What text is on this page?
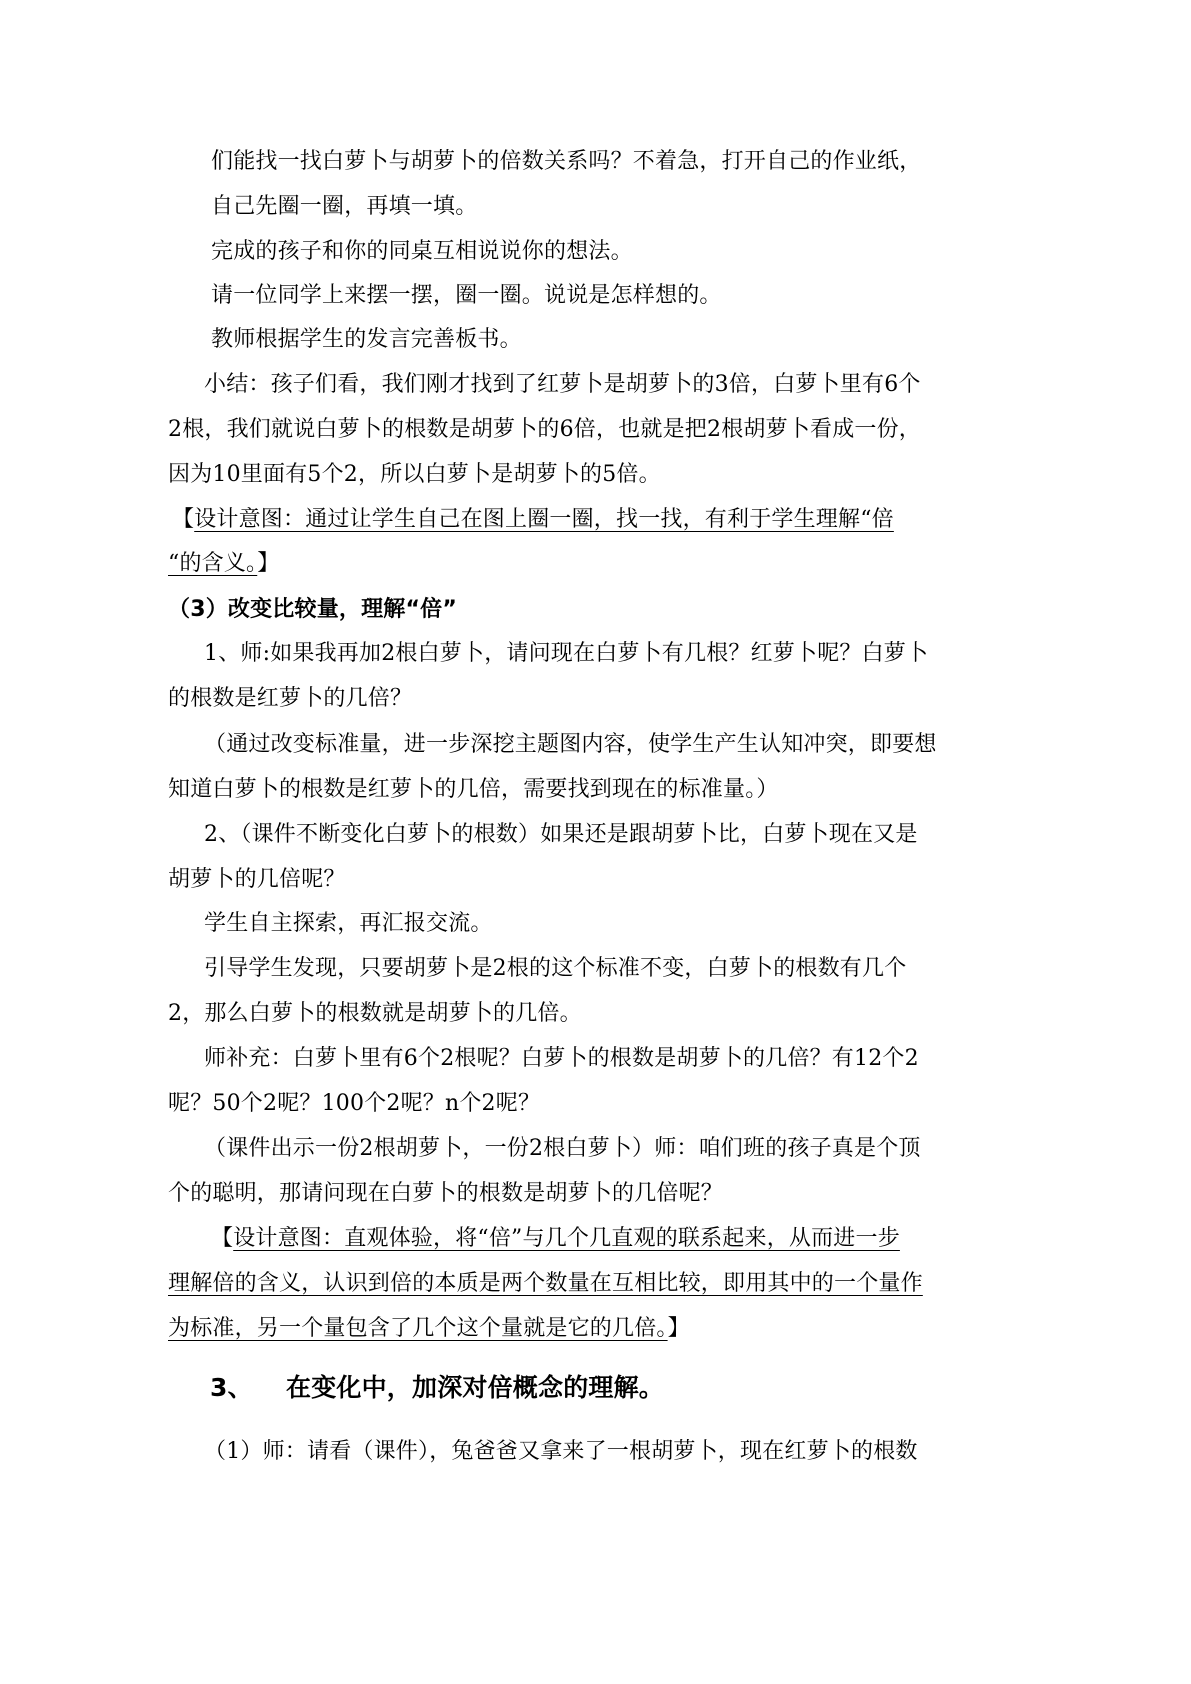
们能找一找白萝卜与胡萝卜的倍数关系吗？不着急，打开自己的作业纸，
自己先圈一圈，再填一填。
完成的孩子和你的同桌互相说说你的想法。
请一位同学上来摆一摆，圈一圈。说说是怎样想的。
教师根据学生的发言完善板书。
小结：孩子们看，我们刚才找到了红萝卜是胡萝卜的3倍，白萝卜里有6个
2根，我们就说白萝卜的根数是胡萝卜的6倍，也就是把2根胡萝卜看成一份，
因为10里面有5个2，所以白萝卜是胡萝卜的5倍。
【设计意图：通过让学生自己在图上圈一圈，找一找，有利于学生理解“倍
“的含义。】
（3）改变比较量，理解“倍”
1、师:如果我再加2根白萝卜，请问现在白萝卜有几根？红萝卜呢？白萝卜
的根数是红萝卜的几倍？
（通过改变标准量，进一步深挖主题图内容，使学生产生认知冲突，即要想
知道白萝卜的根数是红萝卜的几倍，需要找到现在的标准量。）
2、（课件不断变化白萝卜的根数）如果还是跟胡萝卜比，白萝卜现在又是
胡萝卜的几倍呢？
学生自主探索，再汇报交流。
引导学生发现，只要胡萝卜是2根的这个标准不变，白萝卜的根数有几个
2，那么白萝卜的根数就是胡萝卜的几倍。
师补充：白萝卜里有6个2根呢？白萝卜的根数是胡萝卜的几倍？有12个2
呢？50个2呢？100个2呢？n个2呢？
（课件出示一份2根胡萝卜，一份2根白萝卜）师：咱们班的孩子真是个顶
个的聪明，那请问现在白萝卜的根数是胡萝卜的几倍呢？
【设计意图：直观体验，将“倍”与几个几直观的联系起来，从而进一步
理解倍的含义，认识到倍的本质是两个数量在互相比较，即用其中的一个量作
为标准，另一个量包含了几个这个量就是它的几倍。】
3、 在变化中，加深对倍概念的理解。
（1）师：请看（课件），兔爸爸又拿来了一根胡萝卜，现在红萝卜的根数
